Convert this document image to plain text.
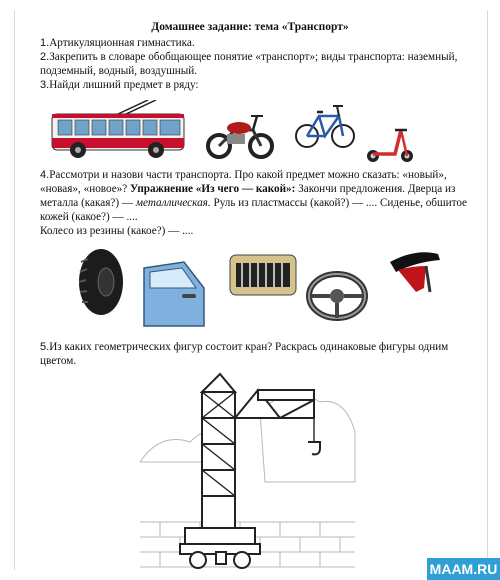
Домашнее задание: тема «Транспорт»
1.Артикуляционная гимнастика.
2.Закрепить в словаре обобщающее понятие «транспорт»; виды транспорта: наземный,
подземный, водный, воздушный.
3.Найди лишний предмет в ряду:
4.Рассмотри и назови части транспорта. Про какой предмет можно сказать: «новый»,
«новая», «новое»? Упражнение «Из чего — какой»: Закончи предложения. Дверца из
металла (какая?) — металлическая. Руль из пластмассы (какой?) — .... Сиденье, обшитое
кожей (какое?) — ....
Колесо из резины (какое?) — ....
5.Из каких геометрических фигур состоит кран? Раскрась одинаковые фигуры одним
цветом.
MAAM.RU
